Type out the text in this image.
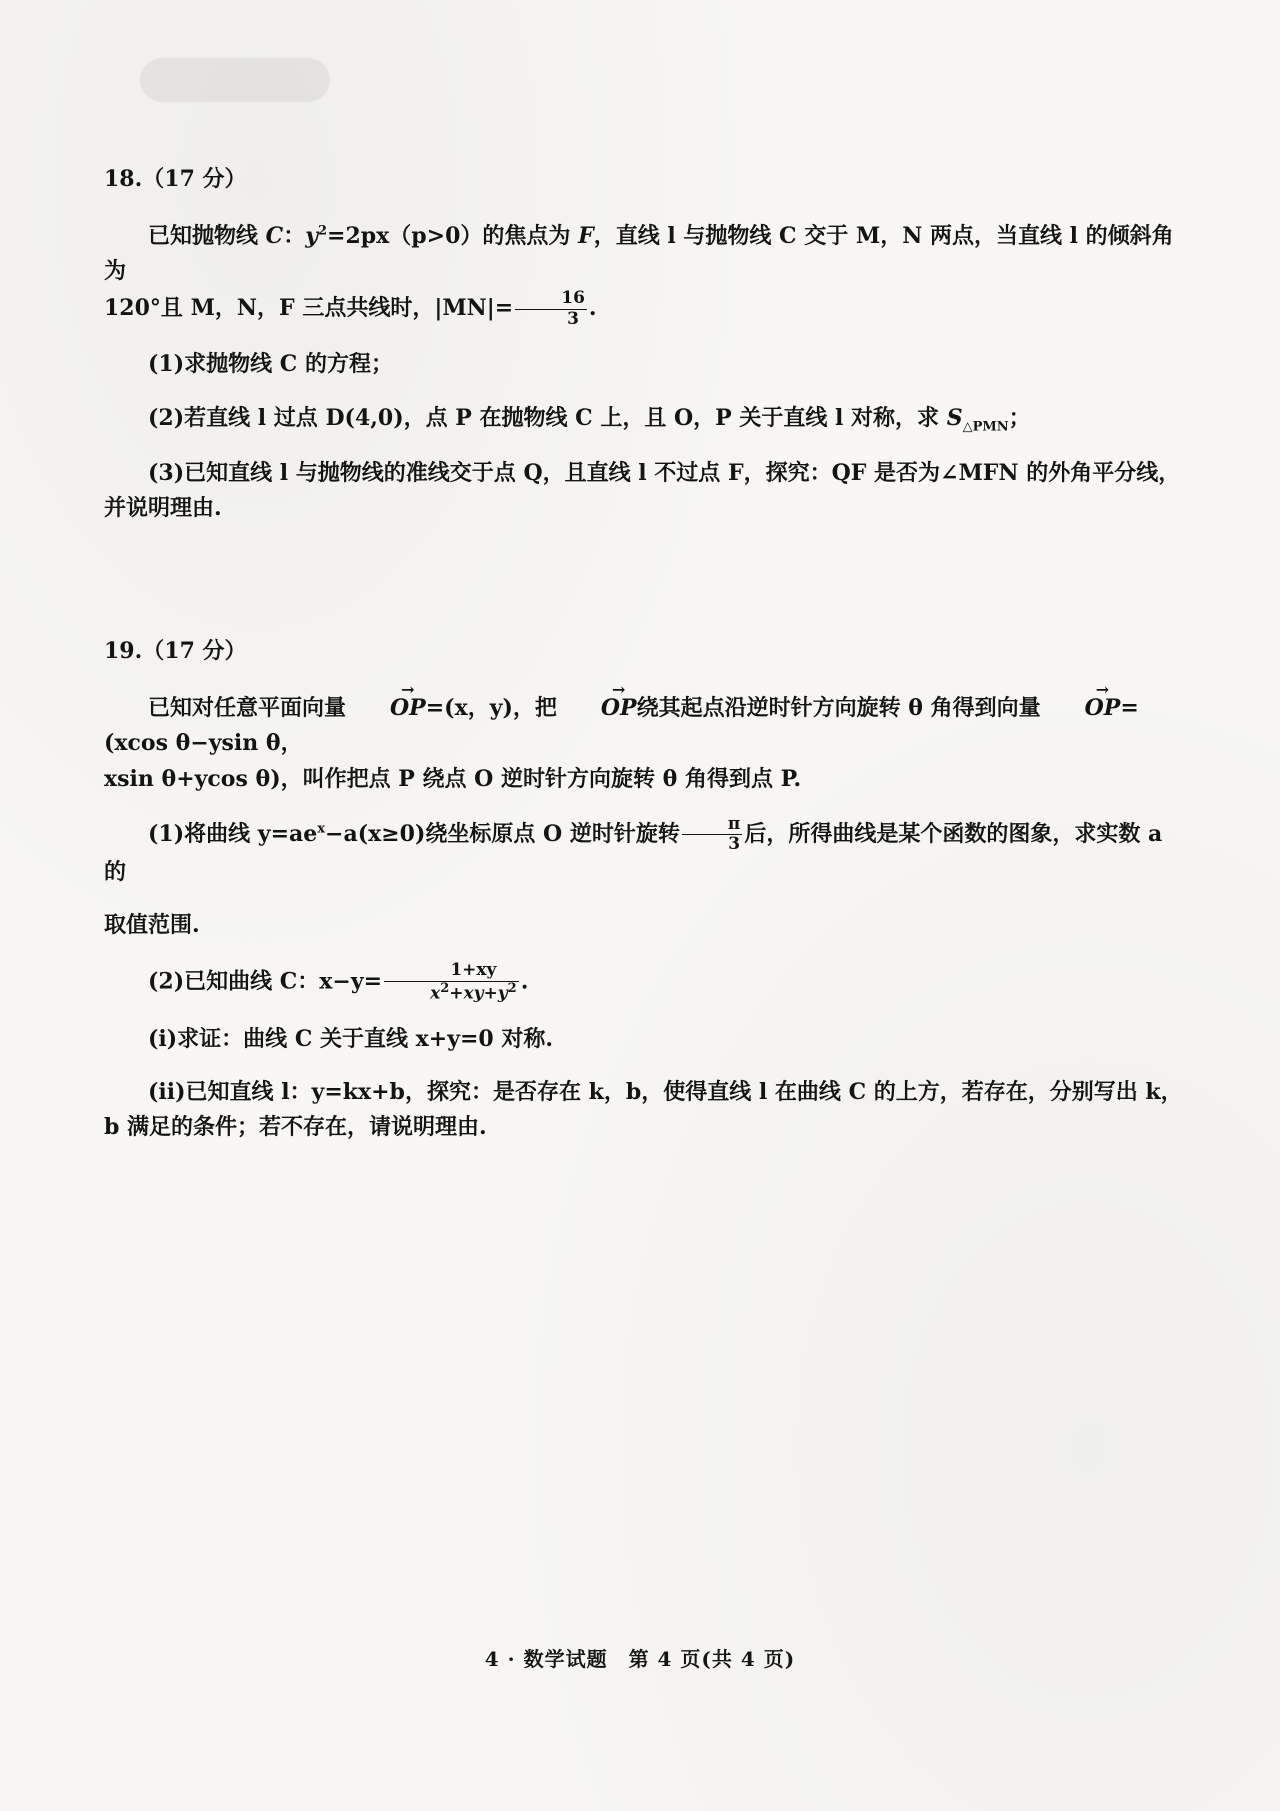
18.（17 分）

已知抛物线 C：$y^2=2px(p>0)$的焦点为 F，直线 l 与抛物线 C 交于 M，N 两点，当直线 l 的倾斜角为
120°且 M，N，F 三点共线时，$|MN|= \frac{16}{3}$ .

(1)求抛物线 C 的方程；

(2)若直线 l 过点 D(4,0)，点 P 在抛物线 C 上，且 O，P 关于直线 l 对称，求 $S_{\triangle PMN}$；

(3)已知直线 l 与抛物线的准线交于点 Q，且直线 l 不过点 F，探究：QF 是否为∠MFN 的外角平分线，并说明理由.

19.（17 分）

已知对任意平面向量 OP →=(x，y)，把 OP →绕其起点沿逆时针方向旋转 θ 角得到向量 OP →=(xcos θ−ysin θ，
xsin θ+ycos θ)，叫作把点 P 绕点 O 逆时针方向旋转 θ 角得到点 P.

(1)将曲线 $y=ae^x-a(x\ge 0)$绕坐标原点 O 逆时针旋转 $\frac{\pi}{3}$ 后，所得曲线是某个函数的图象，求实数 a 的

取值范围.

(2)已知曲线 C：$x-y= \frac{1+xy}{x^2+xy+y^2}$ .

(ⅰ)求证：曲线 C 关于直线 x+y=0 对称.

(ⅱ)已知直线 l：y=kx+b，探究：是否存在 k，b，使得直线 l 在曲线 C 的上方，若存在，分别写出 k，b 满足的条件；若不存在，请说明理由.

4 · 数学试题　第 4 页(共 4 页)
